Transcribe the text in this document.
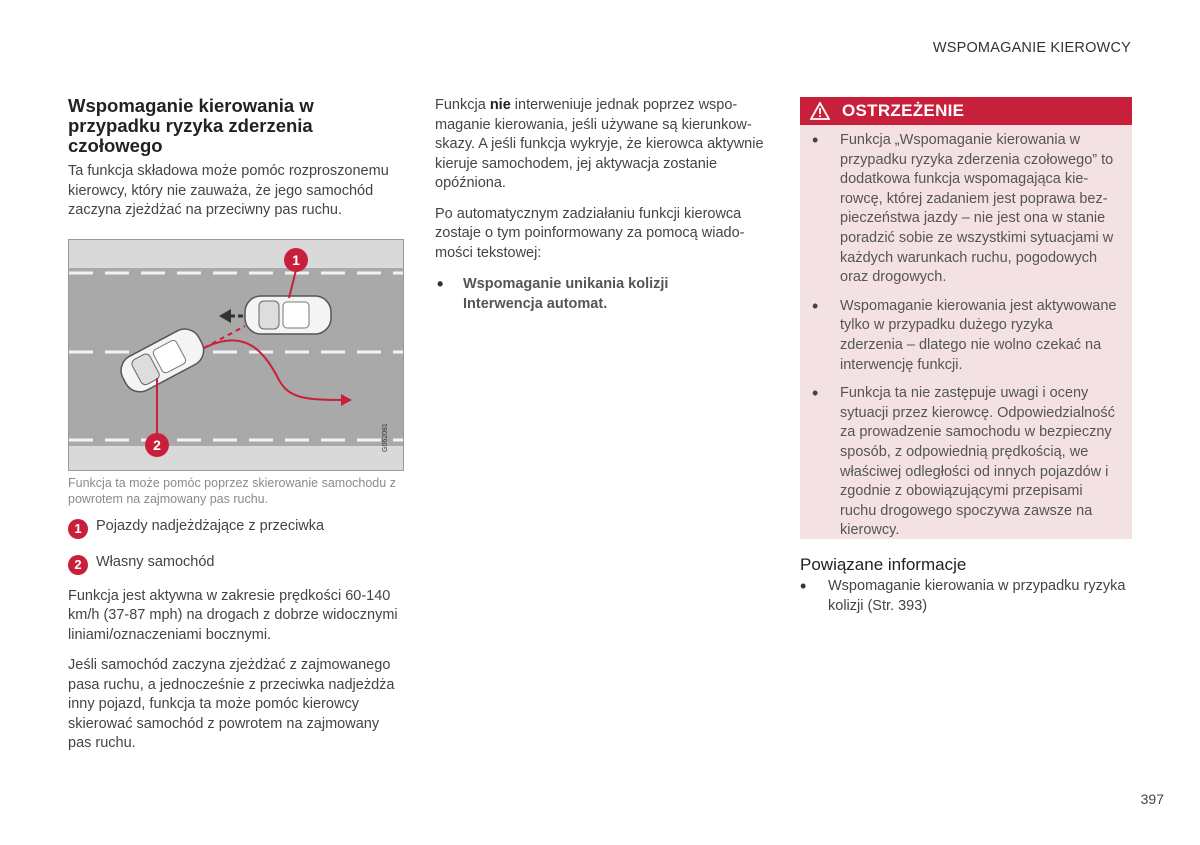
WSPOMAGANIE KIEROWCY
Wspomaganie kierowania w przypadku ryzyka zderzenia czołowego

Ta funkcja składowa może pomóc rozproszonemu kierowcy, który nie zauważa, że jego samochód zaczyna zjeżdżać na przeciwny pas ruchu.

1
2	G062081
Funkcja ta może pomóc poprzez skierowanie samochodu z powrotem na zajmowany pas ruchu.
1 Pojazdy nadjeżdżające z przeciwka
2 Własny samochód

Funkcja jest aktywna w zakresie prędkości 60-140 km/h (37-87 mph) na drogach z dobrze widocznymi liniami/oznaczeniami bocznymi.

Jeśli samochód zaczyna zjeżdżać z zajmowanego pasa ruchu, a jednocześnie z przeciwka nadjeżdża inny pojazd, funkcja ta może pomóc kierowcy skierować samochód z powrotem na zajmowany pas ruchu.

Funkcja nie interweniuje jednak poprzez wspomaganie kierowania, jeśli używane są kierunkowskazy. A jeśli funkcja wykryje, że kierowca aktywnie kieruje samochodem, jej aktywacja zostanie opóźniona.

Po automatycznym zadziałaniu funkcji kierowca zostaje o tym poinformowany za pomocą wiadomości tekstowej:

• Wspomaganie unikania kolizji
Interwencja automat.
OSTRZEŻENIE
• Funkcja „Wspomaganie kierowania w przypadku ryzyka zderzenia czołowego” to dodatkowa funkcja wspomagająca kierowcę, której zadaniem jest poprawa bezpieczeństwa jazdy – nie jest ona w stanie poradzić sobie ze wszystkimi sytuacjami w każdych warunkach ruchu, pogodowych oraz drogowych.
• Wspomaganie kierowania jest aktywowane tylko w przypadku dużego ryzyka zderzenia – dlatego nie wolno czekać na interwencję funkcji.
• Funkcja ta nie zastępuje uwagi i oceny sytuacji przez kierowcę. Odpowiedzialność za prowadzenie samochodu w bezpieczny sposób, z odpowiednią prędkością, we właściwej odległości od innych pojazdów i zgodnie z obowiązującymi przepisami ruchu drogowego spoczywa zawsze na kierowcy.
Powiązane informacje
• Wspomaganie kierowania w przypadku ryzyka kolizji (Str. 393)
397
